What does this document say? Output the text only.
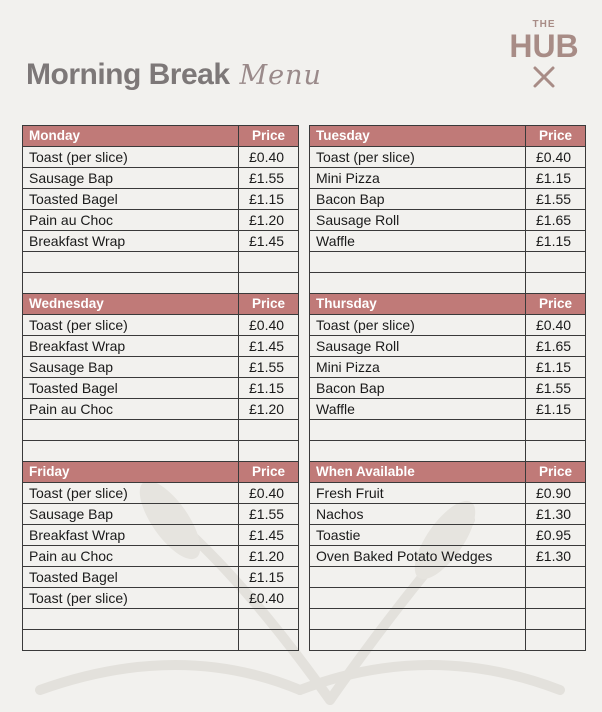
Morning Break Menu
THE
HUB
Monday	Price
Toast (per slice)	£0.40
Sausage Bap	£1.55
Toasted Bagel	£1.15
Pain au Choc	£1.20
Breakfast Wrap	£1.45

Tuesday	Price
Toast (per slice)	£0.40
Mini Pizza	£1.15
Bacon Bap	£1.55
Sausage Roll	£1.65
Waffle	£1.15

Wednesday	Price
Toast (per slice)	£0.40
Breakfast Wrap	£1.45
Sausage Bap	£1.55
Toasted Bagel	£1.15
Pain au Choc	£1.20

Thursday	Price
Toast (per slice)	£0.40
Sausage Roll	£1.65
Mini Pizza	£1.15
Bacon Bap	£1.55
Waffle	£1.15

Friday	Price
Toast (per slice)	£0.40
Sausage Bap	£1.55
Breakfast Wrap	£1.45
Pain au Choc	£1.20
Toasted Bagel	£1.15
Toast (per slice)	£0.40

When Available	Price
Fresh Fruit	£0.90
Nachos	£1.30
Toastie	£0.95
Oven Baked Potato Wedges	£1.30
